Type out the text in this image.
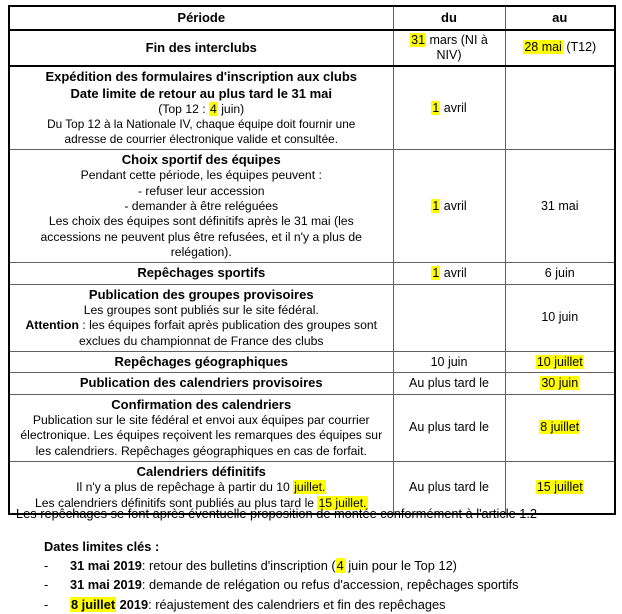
Période	du	au

Fin des interclubs	31 mars (NI à NIV)	28 mai (T12)

Expédition des formulaires d'inscription aux clubs
Date limite de retour au plus tard le 31 mai
(Top 12 : 4 juin)
Du Top 12 à la Nationale IV, chaque équipe doit fournir une
adresse de courrier électronique valide et consultée.	1 avril	

Choix sportif des équipes
Pendant cette période, les équipes peuvent :
- refuser leur accession
- demander à être reléguées
Les choix des équipes sont définitifs après le 31 mai (les
accessions ne peuvent plus être refusées, et il n'y a plus de
relégation).
	1 avril	31 mai

Repêchages sportifs	1 avril	6 juin

Publication des groupes provisoires
Les groupes sont publiés sur le site fédéral.
Attention : les équipes forfait après publication des groupes sont
exclues du championnat de France des clubs		10 juin

Repêchages géographiques	10 juin	10 juillet

Publication des calendriers provisoires	Au plus tard le	30 juin

Confirmation des calendriers
Publication sur le site fédéral et envoi aux équipes par courrier
électronique. Les équipes reçoivent les remarques des équipes sur
les calendriers. Repêchages géographiques en cas de forfait.	Au plus tard le	8 juillet

Calendriers définitifs
Il n'y a plus de repêchage à partir du 10 juillet.
Les calendriers définitifs sont publiés au plus tard le 15 juillet.	Au plus tard le	15 juillet

Les repêchages se font après éventuelle proposition de montée conformément à l'article 1.2

Dates limites clés :
-	31 mai 2019: retour des bulletins d'inscription (4 juin pour le Top 12)
-	31 mai 2019: demande de relégation ou refus d'accession, repêchages sportifs
-	8 juillet 2019: réajustement des calendriers et fin des repêchages
